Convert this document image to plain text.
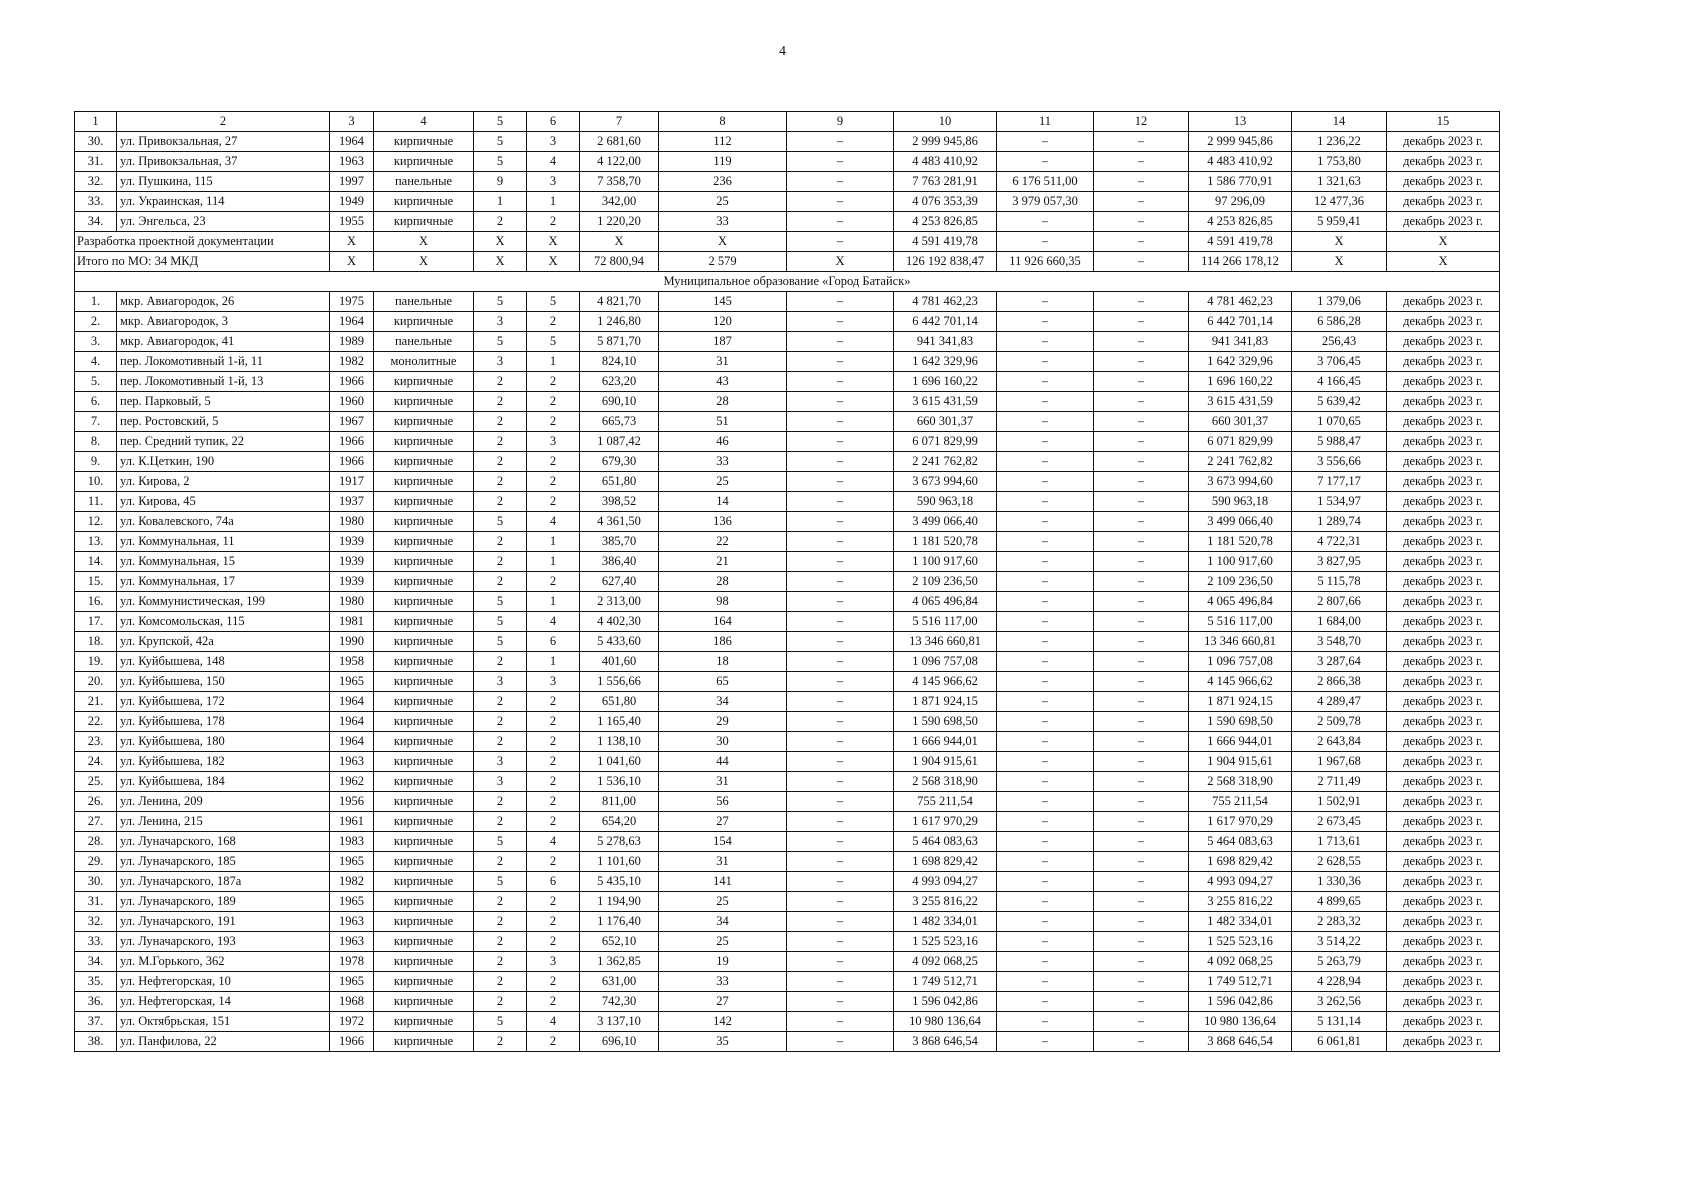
4
1	2	3	4	5	6	7	8	9	10	11	12	13	14	15
30.	ул. Привокзальная, 27	1964	кирпичные	5	3	2 681,60	112	–	2 999 945,86	–	–	2 999 945,86	1 236,22	декабрь 2023 г.
31.	ул. Привокзальная, 37	1963	кирпичные	5	4	4 122,00	119	–	4 483 410,92	–	–	4 483 410,92	1 753,80	декабрь 2023 г.
32.	ул. Пушкина, 115	1997	панельные	9	3	7 358,70	236	–	7 763 281,91	6 176 511,00	–	1 586 770,91	1 321,63	декабрь 2023 г.
33.	ул. Украинская, 114	1949	кирпичные	1	1	342,00	25	–	4 076 353,39	3 979 057,30	–	97 296,09	12 477,36	декабрь 2023 г.
34.	ул. Энгельса, 23	1955	кирпичные	2	2	1 220,20	33	–	4 253 826,85	–	–	4 253 826,85	5 959,41	декабрь 2023 г.
Разработка проектной документации		X	X	X	X	X	X	–	4 591 419,78	–	–	4 591 419,78	X	X
Итого по МО: 34 МКД		X	X	X	X	72 800,94	2 579	X	126 192 838,47	11 926 660,35	–	114 266 178,12	X	X
Муниципальное образование «Город Батайск»														
1.	мкр. Авиагородок, 26	1975	панельные	5	5	4 821,70	145	–	4 781 462,23	–	–	4 781 462,23	1 379,06	декабрь 2023 г.
2.	мкр. Авиагородок, 3	1964	кирпичные	3	2	1 246,80	120	–	6 442 701,14	–	–	6 442 701,14	6 586,28	декабрь 2023 г.
3.	мкр. Авиагородок, 41	1989	панельные	5	5	5 871,70	187	–	941 341,83	–	–	941 341,83	256,43	декабрь 2023 г.
4.	пер. Локомотивный 1-й, 11	1982	монолитные	3	1	824,10	31	–	1 642 329,96	–	–	1 642 329,96	3 706,45	декабрь 2023 г.
5.	пер. Локомотивный 1-й, 13	1966	кирпичные	2	2	623,20	43	–	1 696 160,22	–	–	1 696 160,22	4 166,45	декабрь 2023 г.
6.	пер. Парковый, 5	1960	кирпичные	2	2	690,10	28	–	3 615 431,59	–	–	3 615 431,59	5 639,42	декабрь 2023 г.
7.	пер. Ростовский, 5	1967	кирпичные	2	2	665,73	51	–	660 301,37	–	–	660 301,37	1 070,65	декабрь 2023 г.
8.	пер. Средний тупик, 22	1966	кирпичные	2	3	1 087,42	46	–	6 071 829,99	–	–	6 071 829,99	5 988,47	декабрь 2023 г.
9.	ул. К.Цеткин, 190	1966	кирпичные	2	2	679,30	33	–	2 241 762,82	–	–	2 241 762,82	3 556,66	декабрь 2023 г.
10.	ул. Кирова, 2	1917	кирпичные	2	2	651,80	25	–	3 673 994,60	–	–	3 673 994,60	7 177,17	декабрь 2023 г.
11.	ул. Кирова, 45	1937	кирпичные	2	2	398,52	14	–	590 963,18	–	–	590 963,18	1 534,97	декабрь 2023 г.
12.	ул. Ковалевского, 74а	1980	кирпичные	5	4	4 361,50	136	–	3 499 066,40	–	–	3 499 066,40	1 289,74	декабрь 2023 г.
13.	ул. Коммунальная, 11	1939	кирпичные	2	1	385,70	22	–	1 181 520,78	–	–	1 181 520,78	4 722,31	декабрь 2023 г.
14.	ул. Коммунальная, 15	1939	кирпичные	2	1	386,40	21	–	1 100 917,60	–	–	1 100 917,60	3 827,95	декабрь 2023 г.
15.	ул. Коммунальная, 17	1939	кирпичные	2	2	627,40	28	–	2 109 236,50	–	–	2 109 236,50	5 115,78	декабрь 2023 г.
16.	ул. Коммунистическая, 199	1980	кирпичные	5	1	2 313,00	98	–	4 065 496,84	–	–	4 065 496,84	2 807,66	декабрь 2023 г.
17.	ул. Комсомольская, 115	1981	кирпичные	5	4	4 402,30	164	–	5 516 117,00	–	–	5 516 117,00	1 684,00	декабрь 2023 г.
18.	ул. Крупской, 42а	1990	кирпичные	5	6	5 433,60	186	–	13 346 660,81	–	–	13 346 660,81	3 548,70	декабрь 2023 г.
19.	ул. Куйбышева, 148	1958	кирпичные	2	1	401,60	18	–	1 096 757,08	–	–	1 096 757,08	3 287,64	декабрь 2023 г.
20.	ул. Куйбышева, 150	1965	кирпичные	3	3	1 556,66	65	–	4 145 966,62	–	–	4 145 966,62	2 866,38	декабрь 2023 г.
21.	ул. Куйбышева, 172	1964	кирпичные	2	2	651,80	34	–	1 871 924,15	–	–	1 871 924,15	4 289,47	декабрь 2023 г.
22.	ул. Куйбышева, 178	1964	кирпичные	2	2	1 165,40	29	–	1 590 698,50	–	–	1 590 698,50	2 509,78	декабрь 2023 г.
23.	ул. Куйбышева, 180	1964	кирпичные	2	2	1 138,10	30	–	1 666 944,01	–	–	1 666 944,01	2 643,84	декабрь 2023 г.
24.	ул. Куйбышева, 182	1963	кирпичные	3	2	1 041,60	44	–	1 904 915,61	–	–	1 904 915,61	1 967,68	декабрь 2023 г.
25.	ул. Куйбышева, 184	1962	кирпичные	3	2	1 536,10	31	–	2 568 318,90	–	–	2 568 318,90	2 711,49	декабрь 2023 г.
26.	ул. Ленина, 209	1956	кирпичные	2	2	811,00	56	–	755 211,54	–	–	755 211,54	1 502,91	декабрь 2023 г.
27.	ул. Ленина, 215	1961	кирпичные	2	2	654,20	27	–	1 617 970,29	–	–	1 617 970,29	2 673,45	декабрь 2023 г.
28.	ул. Луначарского, 168	1983	кирпичные	5	4	5 278,63	154	–	5 464 083,63	–	–	5 464 083,63	1 713,61	декабрь 2023 г.
29.	ул. Луначарского, 185	1965	кирпичные	2	2	1 101,60	31	–	1 698 829,42	–	–	1 698 829,42	2 628,55	декабрь 2023 г.
30.	ул. Луначарского, 187а	1982	кирпичные	5	6	5 435,10	141	–	4 993 094,27	–	–	4 993 094,27	1 330,36	декабрь 2023 г.
31.	ул. Луначарского, 189	1965	кирпичные	2	2	1 194,90	25	–	3 255 816,22	–	–	3 255 816,22	4 899,65	декабрь 2023 г.
32.	ул. Луначарского, 191	1963	кирпичные	2	2	1 176,40	34	–	1 482 334,01	–	–	1 482 334,01	2 283,32	декабрь 2023 г.
33.	ул. Луначарского, 193	1963	кирпичные	2	2	652,10	25	–	1 525 523,16	–	–	1 525 523,16	3 514,22	декабрь 2023 г.
34.	ул. М.Горького, 362	1978	кирпичные	2	3	1 362,85	19	–	4 092 068,25	–	–	4 092 068,25	5 263,79	декабрь 2023 г.
35.	ул. Нефтегорская, 10	1965	кирпичные	2	2	631,00	33	–	1 749 512,71	–	–	1 749 512,71	4 228,94	декабрь 2023 г.
36.	ул. Нефтегорская, 14	1968	кирпичные	2	2	742,30	27	–	1 596 042,86	–	–	1 596 042,86	3 262,56	декабрь 2023 г.
37.	ул. Октябрьская, 151	1972	кирпичные	5	4	3 137,10	142	–	10 980 136,64	–	–	10 980 136,64	5 131,14	декабрь 2023 г.
38.	ул. Панфилова, 22	1966	кирпичные	2	2	696,10	35	–	3 868 646,54	–	–	3 868 646,54	6 061,81	декабрь 2023 г.
